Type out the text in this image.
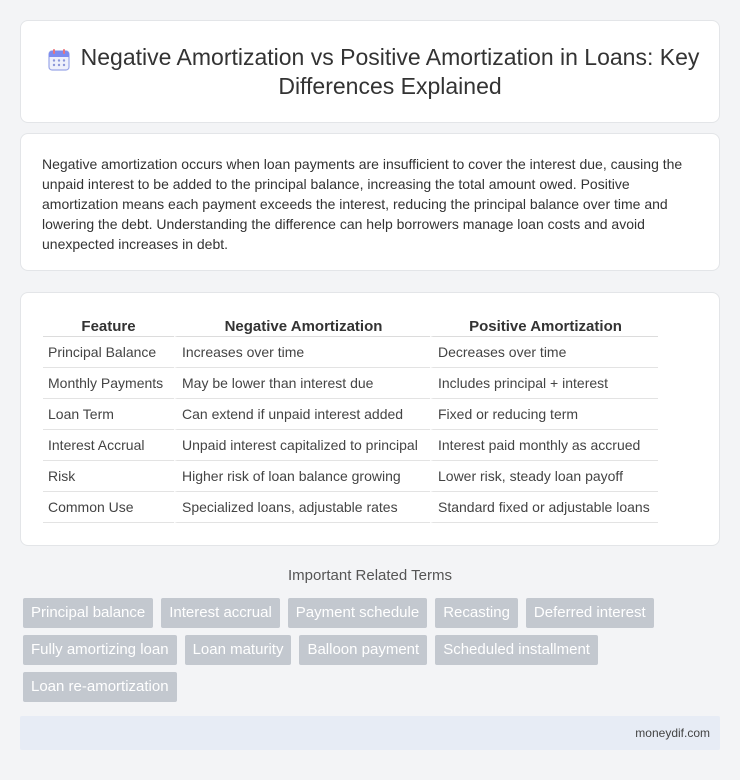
Negative Amortization vs Positive Amortization in Loans: Key Differences Explained

Negative amortization occurs when loan payments are insufficient to cover the interest due, causing the unpaid interest to be added to the principal balance, increasing the total amount owed. Positive amortization means each payment exceeds the interest, reducing the principal balance over time and lowering the debt. Understanding the difference can help borrowers manage loan costs and avoid unexpected increases in debt.

Feature	Negative Amortization	Positive Amortization
Principal Balance	Increases over time	Decreases over time
Monthly Payments	May be lower than interest due	Includes principal + interest
Loan Term	Can extend if unpaid interest added	Fixed or reducing term
Interest Accrual	Unpaid interest capitalized to principal	Interest paid monthly as accrued
Risk	Higher risk of loan balance growing	Lower risk, steady loan payoff
Common Use	Specialized loans, adjustable rates	Standard fixed or adjustable loans
Important Related Terms
Principal balance	Interest accrual	Payment schedule	Recasting	Deferred interest
Fully amortizing loan	Loan maturity	Balloon payment	Scheduled installment
Loan re-amortization
moneydif.com
